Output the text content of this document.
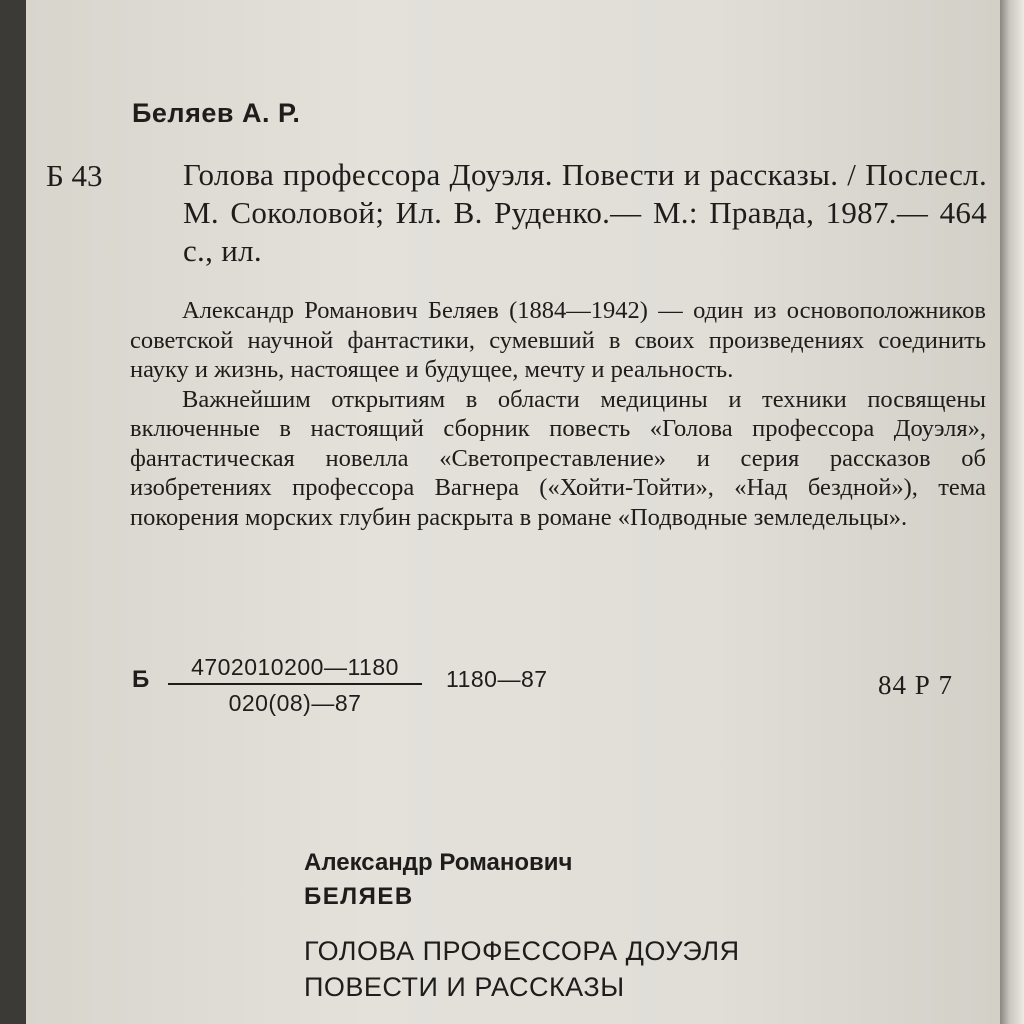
Беляев А. Р.
Б 43	Голова профессора Доуэля. Повести и рассказы. / Послесл. М. Соколовой; Ил. В. Руденко.— М.: Правда, 1987.— 464 с., ил.

Александр Романович Беляев (1884—1942) — один из основоположников советской научной фантастики, сумевший в своих произведениях соединить науку и жизнь, настоящее и будущее, мечту и реальность.

Важнейшим открытиям в области медицины и техники посвящены включенные в настоящий сборник повесть «Голова профессора Доуэля», фантастическая новелла «Светопреставление» и серия рассказов об изобретениях профессора Вагнера («Хойти-Тойти», «Над бездной»), тема покорения морских глубин раскрыта в романе «Подводные земледельцы».

Б	4702010200—1180
020(08)—87
1180—87	84 Р 7
Александр Романович
БЕЛЯЕВ
ГОЛОВА ПРОФЕССОРА ДОУЭЛЯ
ПОВЕСТИ И РАССКАЗЫ
